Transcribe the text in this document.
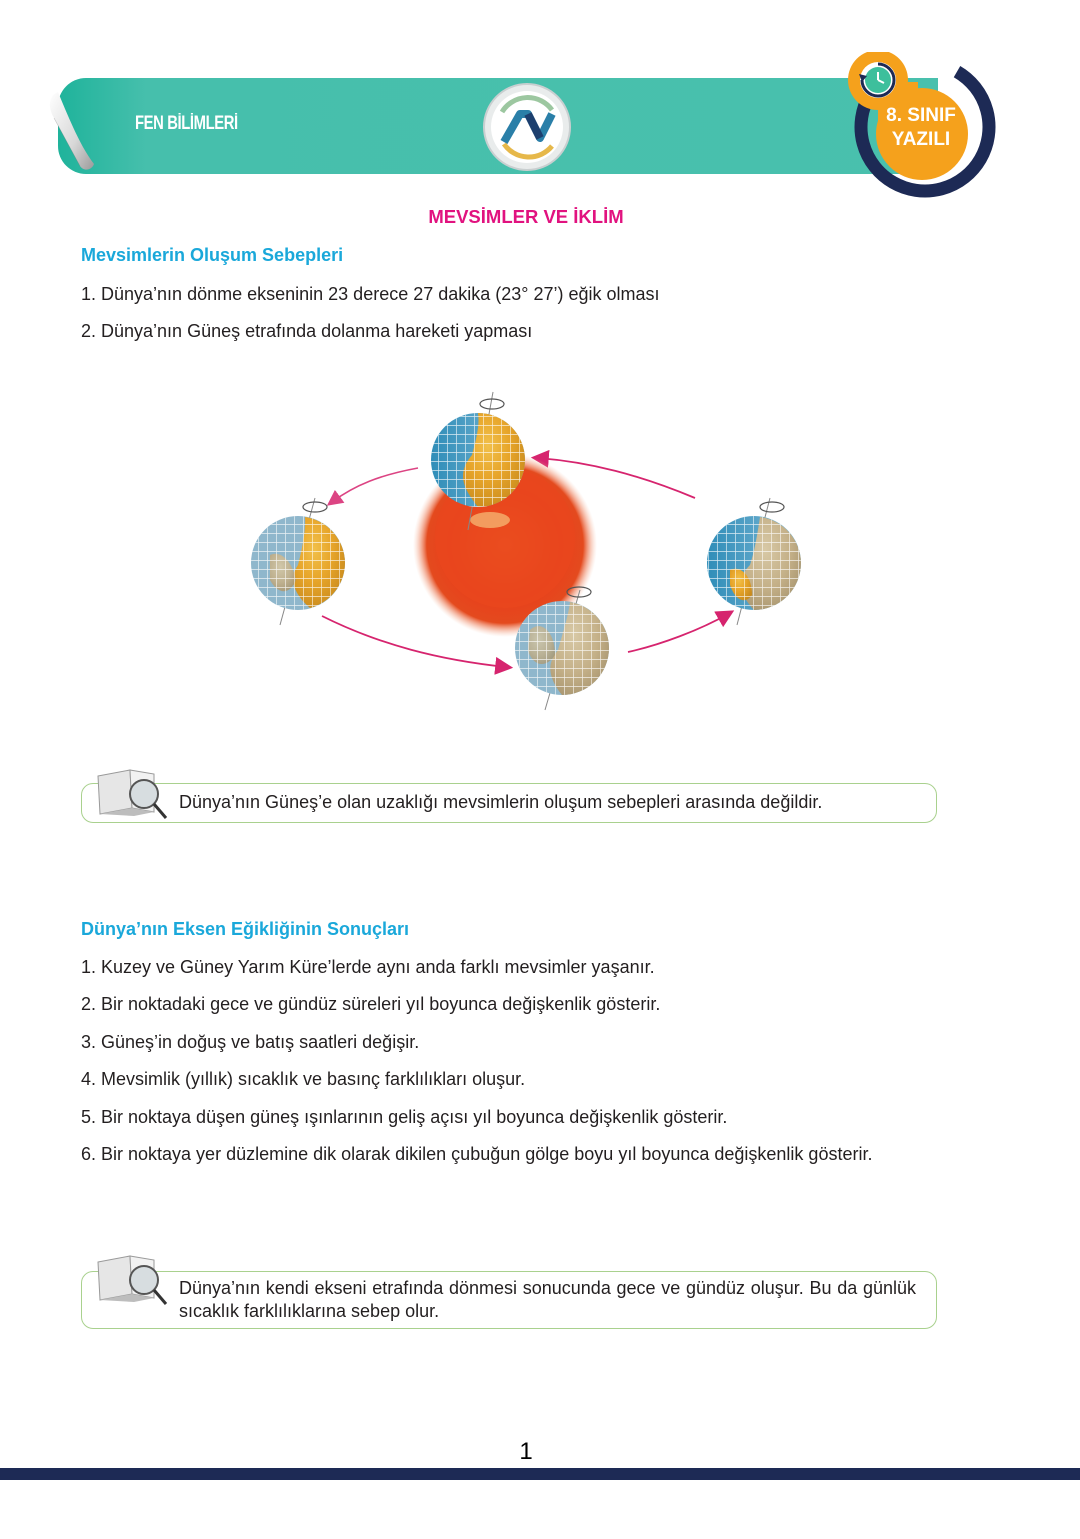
FEN BİLİMLERİ	8. SINIF
YAZILI
MEVSİMLER VE İKLİM
Mevsimlerin Oluşum Sebepleri
1. Dünya’nın dönme ekseninin 23 derece 27 dakika (23° 27’) eğik olması
2. Dünya’nın Güneş etrafında dolanma hareketi yapması
Dünya’nın Güneş’e olan uzaklığı mevsimlerin oluşum sebepleri arasında değildir.
Dünya’nın Eksen Eğikliğinin Sonuçları
1. Kuzey ve Güney Yarım Küre’lerde aynı anda farklı mevsimler yaşanır.
2. Bir noktadaki gece ve gündüz süreleri yıl boyunca değişkenlik gösterir.
3. Güneş’in doğuş ve batış saatleri değişir.
4. Mevsimlik (yıllık) sıcaklık ve basınç farklılıkları oluşur.
5. Bir noktaya düşen güneş ışınlarının geliş açısı yıl boyunca değişkenlik gösterir.
6. Bir noktaya yer düzlemine dik olarak dikilen çubuğun gölge boyu yıl boyunca değişkenlik gösterir.
Dünya’nın kendi ekseni etrafında dönmesi sonucunda gece ve gündüz oluşur. Bu da günlük sıcaklık farklılıklarına sebep olur.
1
